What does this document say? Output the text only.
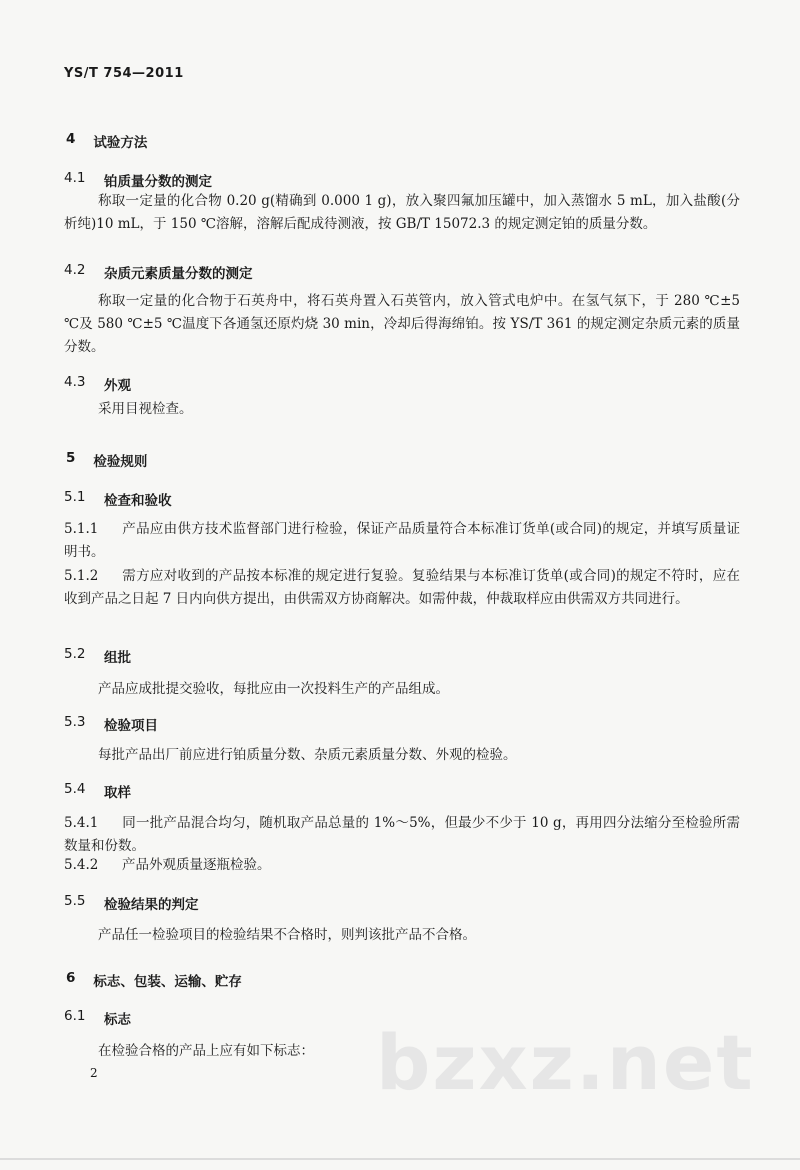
YS/T 754—2011
4 试验方法
4.1	铂质量分数的测定

称取一定量的化合物 0.20 g(精确到 0.000 1 g)，放入聚四氟加压罐中，加入蒸馏水 5 mL，加入盐酸(分析纯)10 mL，于 150 ℃溶解，溶解后配成待测液，按 GB/T 15072.3 的规定测定铂的质量分数。

4.2	杂质元素质量分数的测定

称取一定量的化合物于石英舟中，将石英舟置入石英管内，放入管式电炉中。在氢气氛下，于 280 ℃±5 ℃及 580 ℃±5 ℃温度下各通氢还原灼烧 30 min，冷却后得海绵铂。按 YS/T 361 的规定测定杂质元素的质量分数。

4.3	外观

采用目视检查。

5 检验规则
5.1	检查和验收

5.1.1 产品应由供方技术监督部门进行检验，保证产品质量符合本标准订货单(或合同)的规定，并填写质量证明书。

5.1.2 需方应对收到的产品按本标准的规定进行复验。复验结果与本标准订货单(或合同)的规定不符时，应在收到产品之日起 7 日内向供方提出，由供需双方协商解决。如需仲裁，仲裁取样应由供需双方共同进行。

5.2	组批

产品应成批提交验收，每批应由一次投料生产的产品组成。

5.3	检验项目

每批产品出厂前应进行铂质量分数、杂质元素质量分数、外观的检验。

5.4	取样

5.4.1 同一批产品混合均匀，随机取产品总量的 1%～5%，但最少不少于 10 g，再用四分法缩分至检验所需数量和份数。

5.4.2 产品外观质量逐瓶检验。

5.5	检验结果的判定

产品任一检验项目的检验结果不合格时，则判该批产品不合格。

6 标志、包装、运输、贮存
6.1	标志

在检验合格的产品上应有如下标志： bzxz.net
2
